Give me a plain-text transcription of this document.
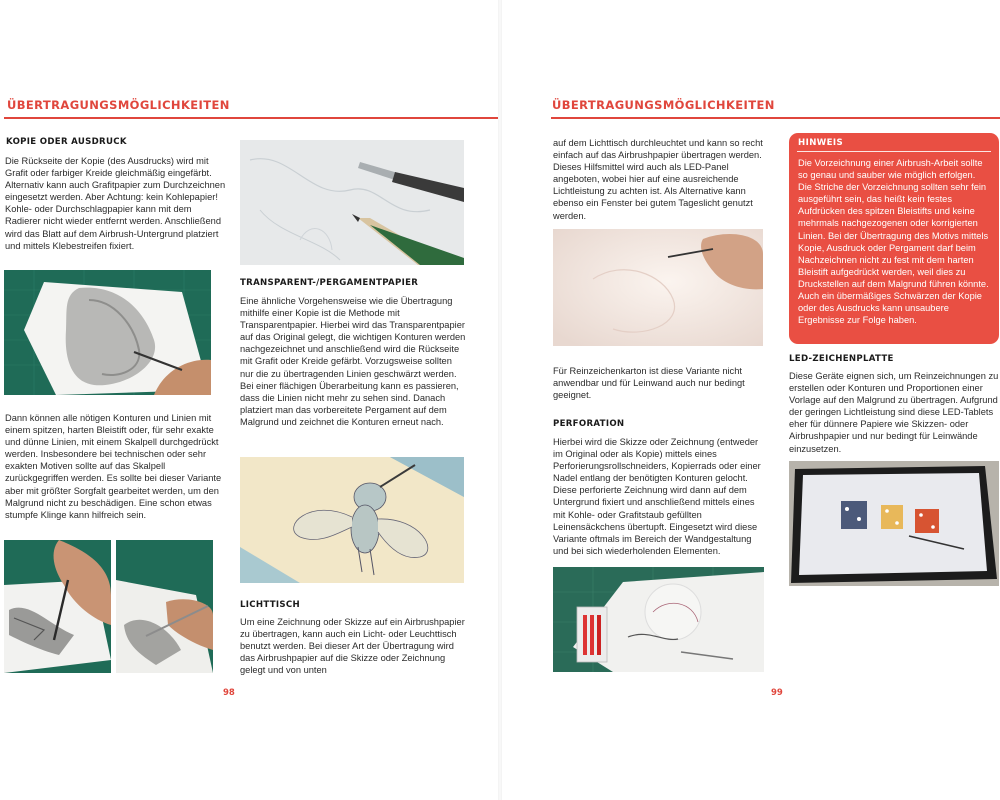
ÜBERTRAGUNGSMÖGLICHKEITEN
KOPIE ODER AUSDRUCK

Die Rückseite der Kopie (des Ausdrucks) wird mit Grafit oder farbiger Kreide gleichmäßig eingefärbt. Alternativ kann auch Grafitpapier zum Durchzeichnen eingesetzt werden. Aber Achtung: kein Kohlepapier! Kohle- oder Durchschlagpapier kann mit dem Radierer nicht wieder entfernt werden. Anschließend wird das Blatt auf dem Airbrush-Untergrund platziert und mittels Klebestreifen fixiert.

Dann können alle nötigen Konturen und Linien mit einem spitzen, harten Bleistift oder, für sehr exakte und dünne Linien, mit einem Skalpell durchgedrückt werden. Insbesondere bei technischen oder sehr exakten Motiven sollte auf das Skalpell zurückgegriffen werden. Es sollte bei dieser Variante aber mit größter Sorgfalt gearbeitet werden, um den Malgrund nicht zu beschädigen. Eine schon etwas stumpfe Klinge kann hilfreich sein.

TRANSPARENT-/PERGAMENTPAPIER

Eine ähnliche Vorgehensweise wie die Übertragung mithilfe einer Kopie ist die Methode mit Transparentpapier. Hierbei wird das Transparentpapier auf das Original gelegt, die wichtigen Konturen werden nachgezeichnet und anschließend wird die Rückseite mit Grafit oder Kreide gefärbt. Vorzugsweise sollten nur die zu übertragenden Linien geschwärzt werden. Bei einer flächigen Überarbeitung kann es passieren, dass die Linien nicht mehr zu sehen sind. Danach platziert man das vorbereitete Pergament auf dem Malgrund und zeichnet die Konturen erneut nach.

LICHTTISCH

Um eine Zeichnung oder Skizze auf ein Airbrushpapier zu übertragen, kann auch ein Licht- oder Leuchttisch benutzt werden. Bei dieser Art der Übertragung wird das Airbrushpapier auf die Skizze oder Zeichnung gelegt und von unten

98
ÜBERTRAGUNGSMÖGLICHKEITEN

auf dem Lichttisch durchleuchtet und kann so recht einfach auf das Airbrushpapier übertragen werden. Dieses Hilfsmittel wird auch als LED-Panel angeboten, wobei hier auf eine ausreichende Lichtleistung zu achten ist. Als Alternative kann ebenso ein Fenster bei gutem Tageslicht genutzt werden.

Für Reinzeichenkarton ist diese Variante nicht anwendbar und für Leinwand auch nur bedingt geeignet.

PERFORATION

Hierbei wird die Skizze oder Zeichnung (entweder im Original oder als Kopie) mittels eines Perforierungsrollschneiders, Kopierrads oder einer Nadel entlang der benötigten Konturen gelocht. Diese perforierte Zeichnung wird dann auf dem Untergrund fixiert und anschließend mittels eines mit Kohle- oder Grafitstaub gefüllten Leinensäckchens übertupft. Eingesetzt wird diese Variante oftmals im Bereich der Wandgestaltung und bei sich wiederholenden Elementen.

HINWEIS

Die Vorzeichnung einer Airbrush-Arbeit sollte so genau und sauber wie möglich erfolgen. Die Striche der Vorzeichnung sollten sehr fein ausgeführt sein, das heißt kein festes Aufdrücken des spitzen Bleistifts und keine mehrmals nachgezogenen oder korrigierten Linien. Bei der Übertragung des Motivs mittels Kopie, Ausdruck oder Pergament darf beim Nachzeichnen nicht zu fest mit dem harten Bleistift aufgedrückt werden, weil dies zu Druckstellen auf dem Malgrund führen könnte. Auch ein übermäßiges Schwärzen der Kopie oder des Ausdrucks kann unsaubere Ergebnisse zur Folge haben.

LED-ZEICHENPLATTE

Diese Geräte eignen sich, um Reinzeichnungen zu erstellen oder Konturen und Proportionen einer Vorlage auf den Malgrund zu übertragen. Aufgrund der geringen Lichtleistung sind diese LED-Tablets eher für dünnere Papiere wie Skizzen- oder Airbrushpapier und nur bedingt für Leinwände einzusetzen.

99
